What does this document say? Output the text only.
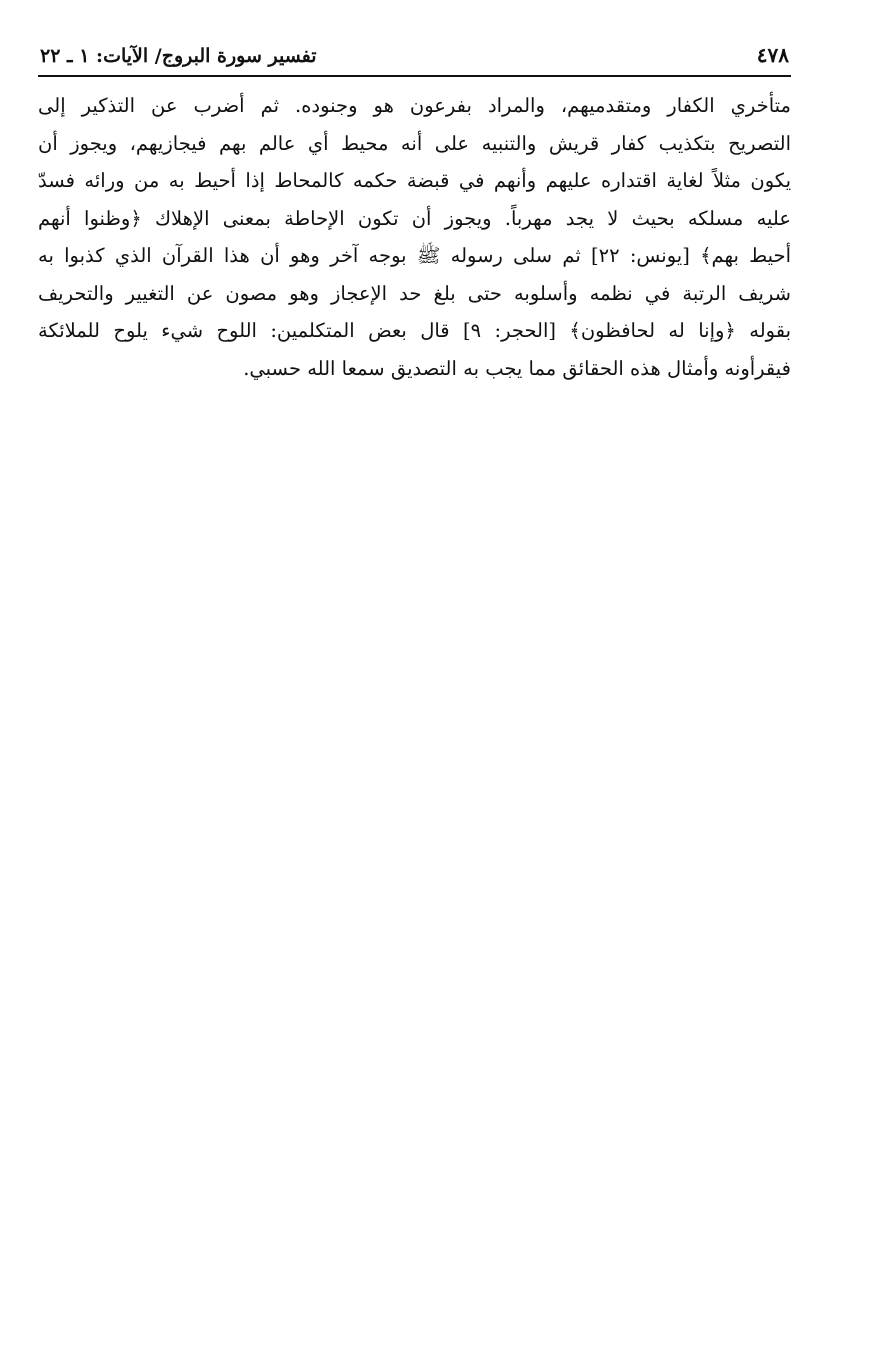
٤٧٨
تفسير سورة البروج/ الآيات: ١ ـ ٢٢
متأخري الكفار ومتقدميهم، والمراد بفرعون هو وجنوده. ثم أضرب عن التذكير إلى
التصريح بتكذيب كفار قريش والتنبيه على أنه محيط أي عالم بهم فيجازيهم، ويجوز أن
يكون مثلاً لغاية اقتداره عليهم وأنهم في قبضة حكمه كالمحاط إذا أحيط به من ورائه فسدّ
عليه مسلكه بحيث لا يجد مهرباً. ويجوز أن تكون الإحاطة بمعنى الإهلاك ﴿وظنوا أنهم
أحيط بهم﴾ [يونس: ٢٢] ثم سلى رسوله ﷺ بوجه آخر وهو أن هذا القرآن الذي كذبوا به
شريف الرتبة في نظمه وأسلوبه حتى بلغ حد الإعجاز وهو مصون عن التغيير والتحريف
بقوله ﴿وإنا له لحافظون﴾ [الحجر: ٩] قال بعض المتكلمين: اللوح شيء يلوح للملائكة
فيقرأونه وأمثال هذه الحقائق مما يجب به التصديق سمعا الله حسبي.
